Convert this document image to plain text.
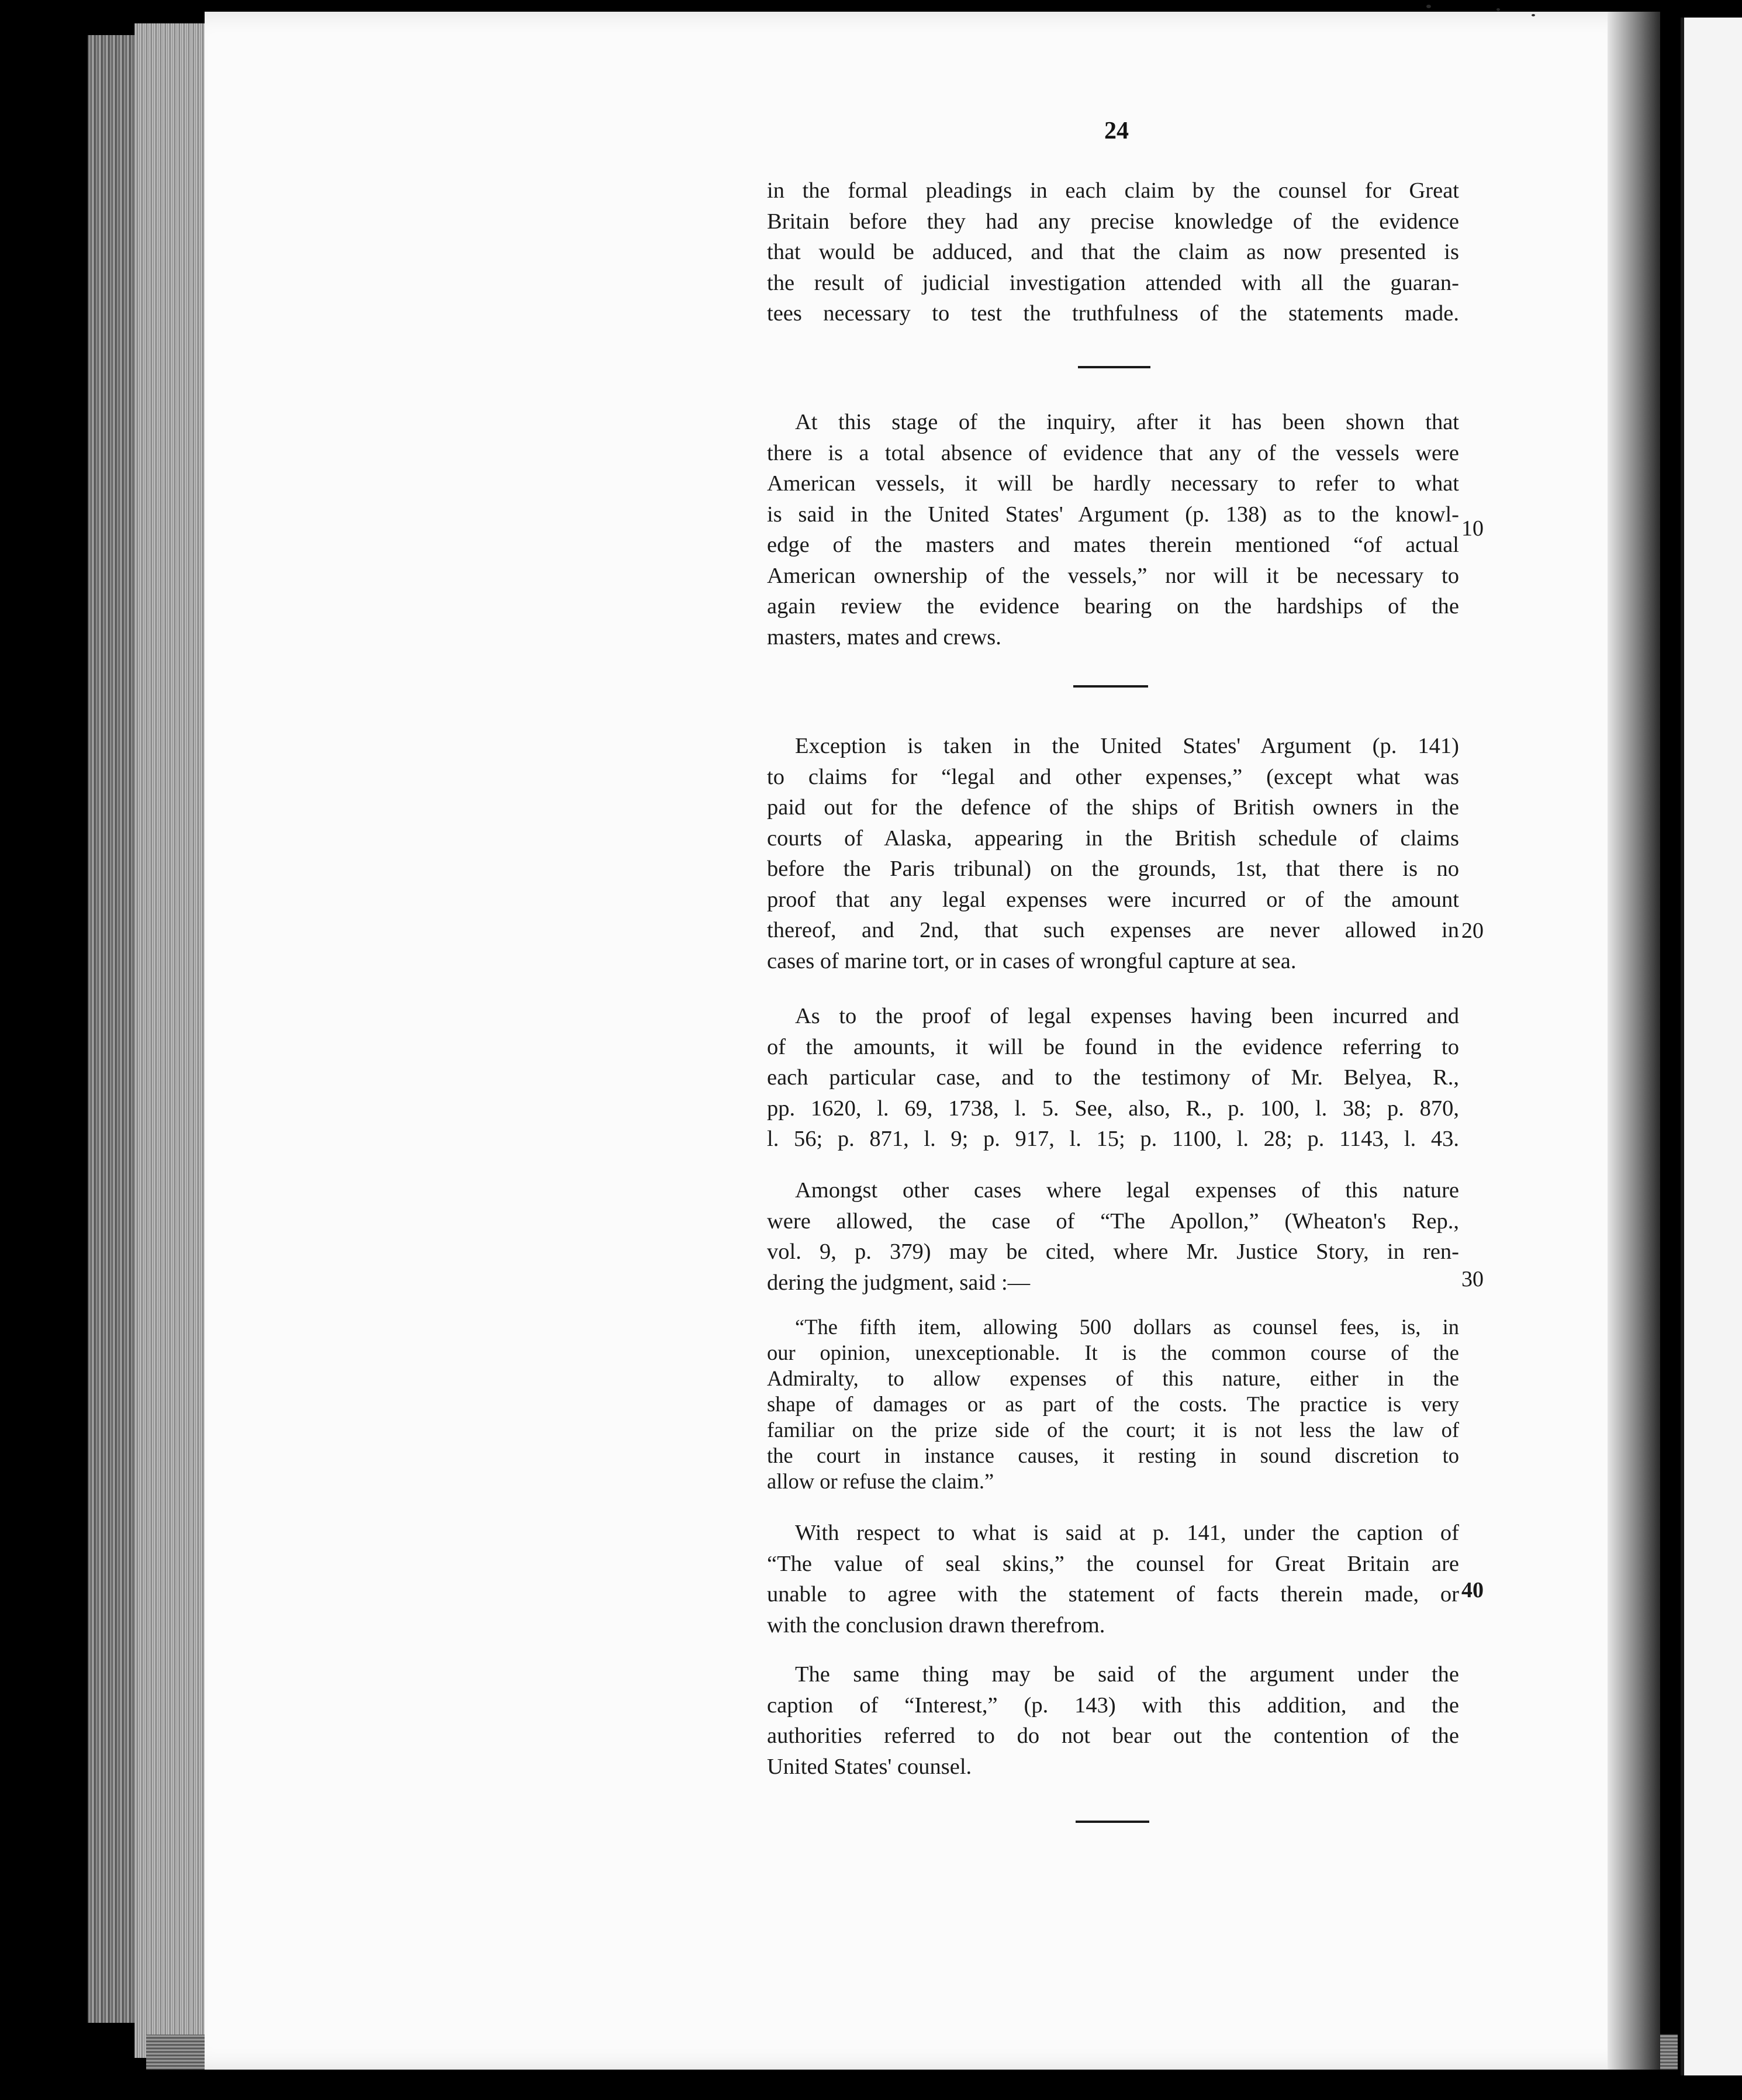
24
in the formal pleadings in each claim by the counsel for Great
Britain before they had any precise knowledge of the evidence
that would be adduced, and that the claim as now presented is
the result of judicial investigation attended with all the guaran-
tees necessary to test the truthfulness of the statements made.
At this stage of the inquiry, after it has been shown that
there is a total absence of evidence that any of the vessels were
American vessels, it will be hardly necessary to refer to what
is said in the United States' Argument (p. 138) as to the knowl-
edge of the masters and mates therein mentioned “of actual
American ownership of the vessels,” nor will it be necessary to
again review the evidence bearing on the hardships of the
masters, mates and crews.
10
Exception is taken in the United States' Argument (p. 141)
to claims for “legal and other expenses,” (except what was
paid out for the defence of the ships of British owners in the
courts of Alaska, appearing in the British schedule of claims
before the Paris tribunal) on the grounds, 1st, that there is no
proof that any legal expenses were incurred or of the amount
thereof, and 2nd, that such expenses are never allowed in
cases of marine tort, or in cases of wrongful capture at sea.
20
As to the proof of legal expenses having been incurred and
of the amounts, it will be found in the evidence referring to
each particular case, and to the testimony of Mr. Belyea, R.,
pp. 1620, l. 69, 1738, l. 5. See, also, R., p. 100, l. 38; p. 870,
l. 56; p. 871, l. 9; p. 917, l. 15; p. 1100, l. 28; p. 1143, l. 43.
Amongst other cases where legal expenses of this nature
were allowed, the case of “The Apollon,” (Wheaton's Rep.,
vol. 9, p. 379) may be cited, where Mr. Justice Story, in ren-
dering the judgment, said :—	30
“The fifth item, allowing 500 dollars as counsel fees, is, in
our opinion, unexceptionable. It is the common course of the
Admiralty, to allow expenses of this nature, either in the
shape of damages or as part of the costs. The practice is very
familiar on the prize side of the court; it is not less the law of
the court in instance causes, it resting in sound discretion to
allow or refuse the claim.”
With respect to what is said at p. 141, under the caption of
“The value of seal skins,” the counsel for Great Britain are
unable to agree with the statement of facts therein made, or
with the conclusion drawn therefrom.
40
The same thing may be said of the argument under the
caption of “Interest,” (p. 143) with this addition, and the
authorities referred to do not bear out the contention of the
United States' counsel.
